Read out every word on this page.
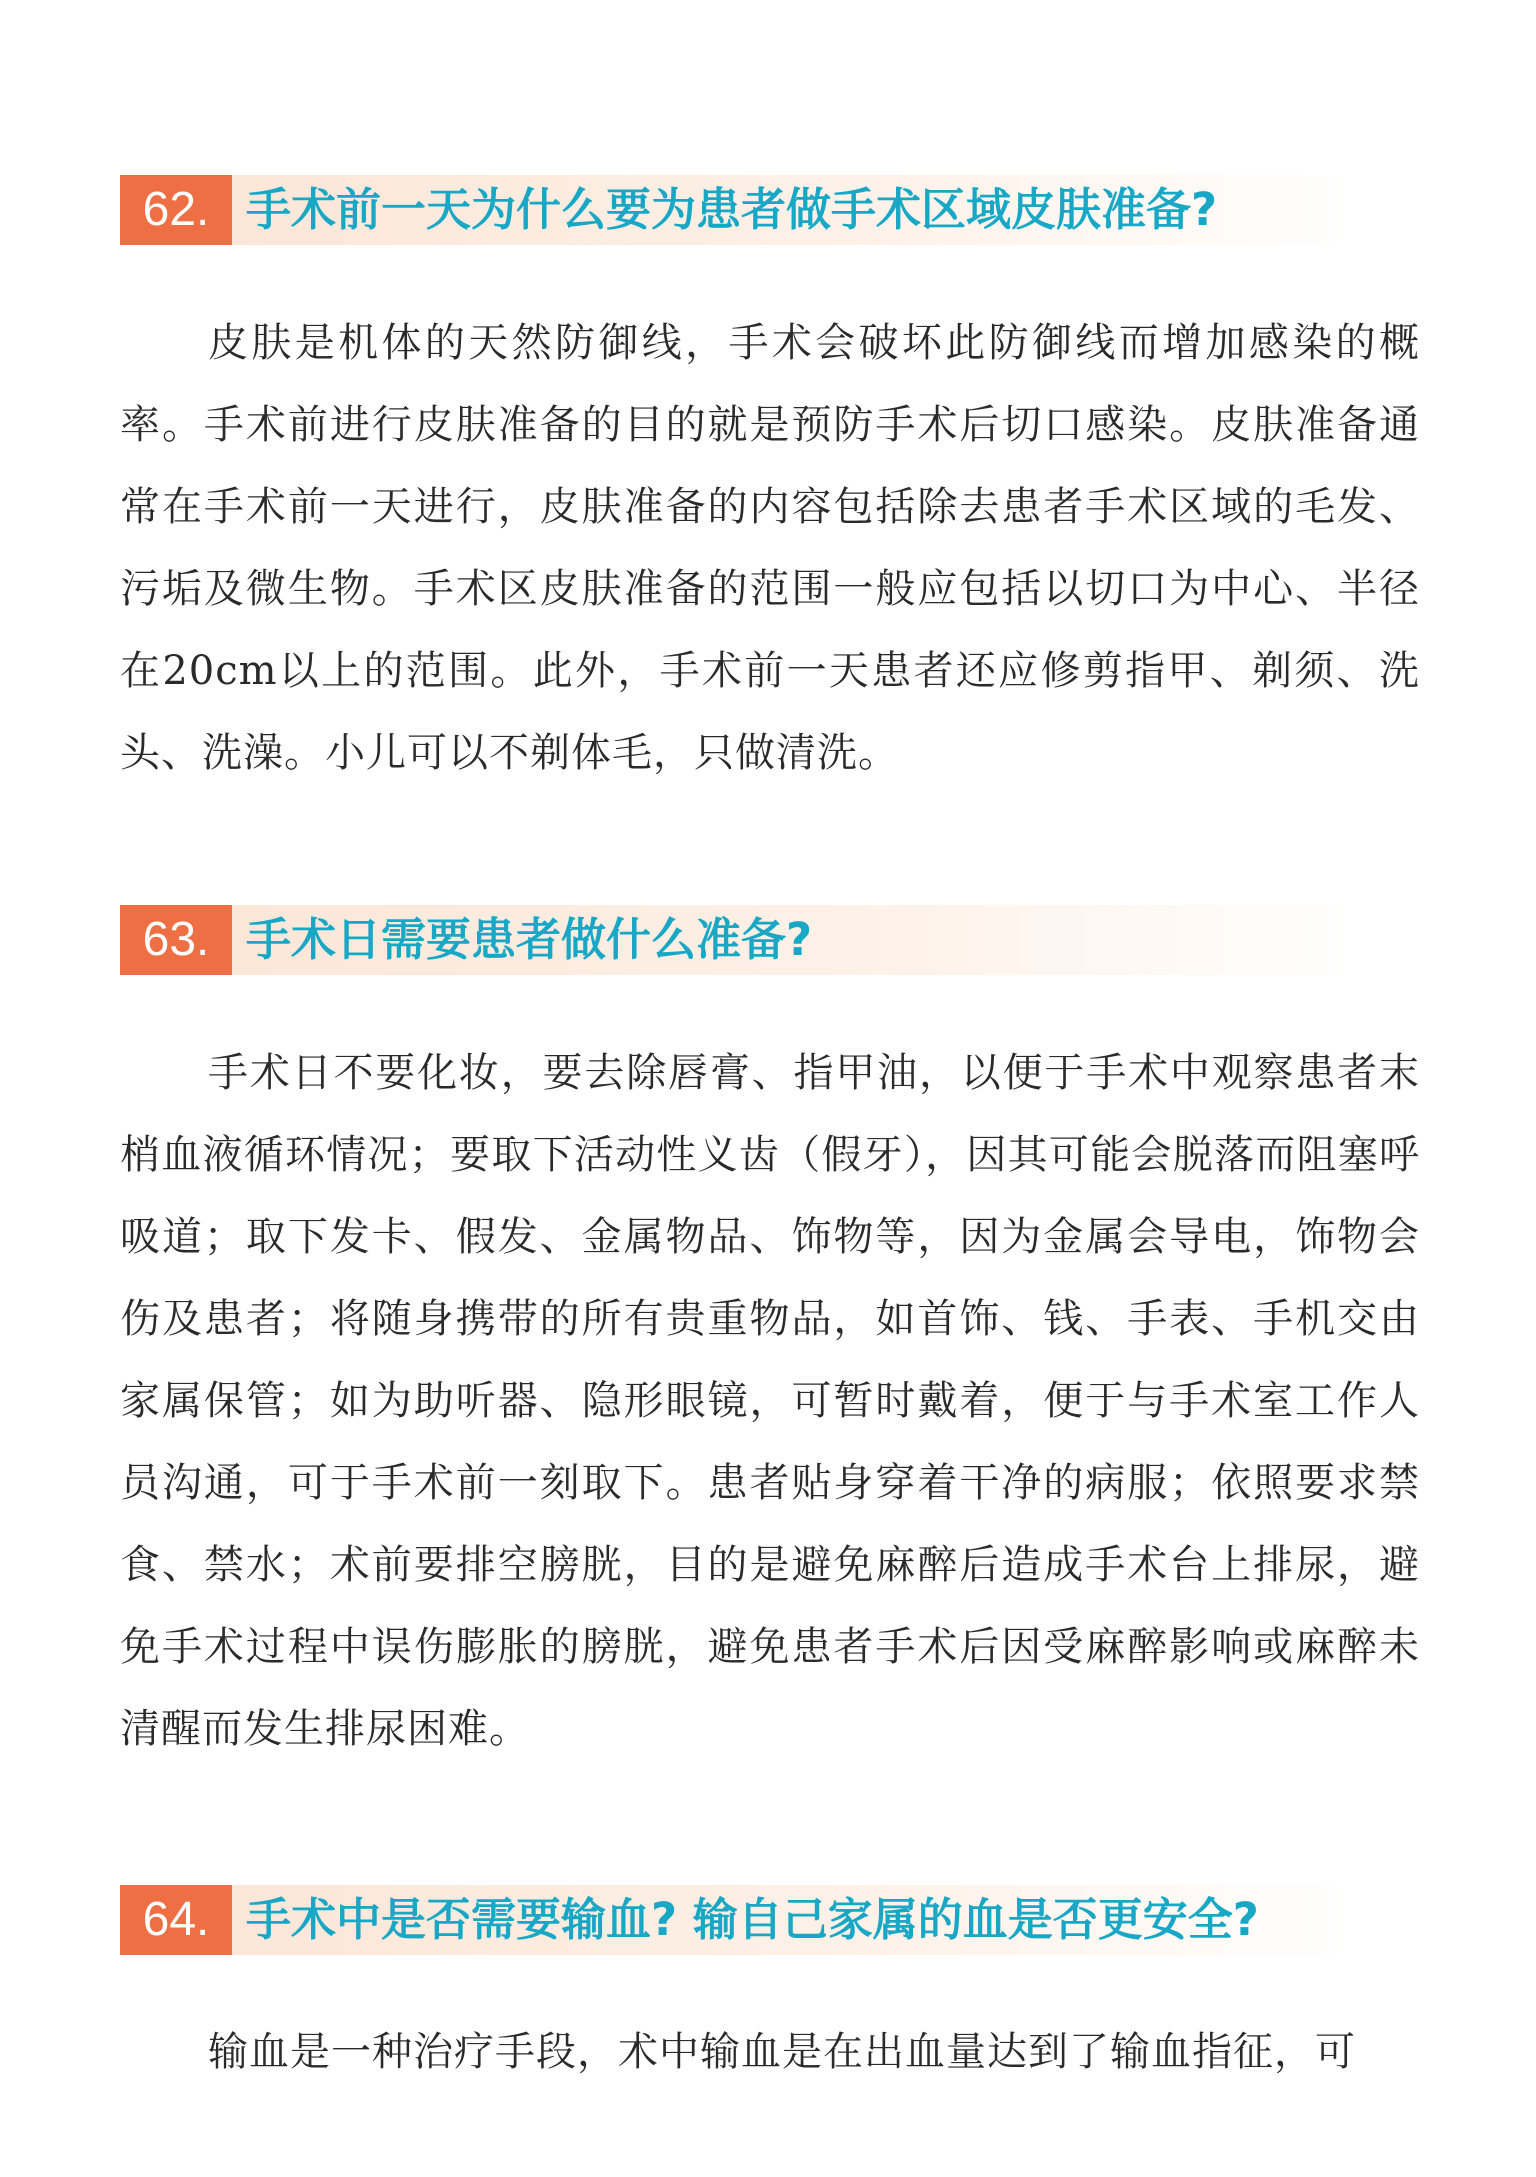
62. 手术前一天为什么要为患者做手术区域皮肤准备?
皮肤是机体的天然防御线，手术会破坏此防御线而增加感染的概率。手术前进行皮肤准备的目的就是预防手术后切口感染。皮肤准备通常在手术前一天进行，皮肤准备的内容包括除去患者手术区域的毛发、污垢及微生物。手术区皮肤准备的范围一般应包括以切口为中心、半径在20cm以上的范围。此外，手术前一天患者还应修剪指甲、剃须、洗头、洗澡。小儿可以不剃体毛，只做清洗。
63. 手术日需要患者做什么准备?
手术日不要化妆，要去除唇膏、指甲油，以便于手术中观察患者末梢血液循环情况；要取下活动性义齿（假牙），因其可能会脱落而阻塞呼吸道；取下发卡、假发、金属物品、饰物等，因为金属会导电，饰物会伤及患者；将随身携带的所有贵重物品，如首饰、钱、手表、手机交由家属保管；如为助听器、隐形眼镜，可暂时戴着，便于与手术室工作人员沟通，可于手术前一刻取下。患者贴身穿着干净的病服；依照要求禁食、禁水；术前要排空膀胱，目的是避免麻醉后造成手术台上排尿，避免手术过程中误伤膨胀的膀胱，避免患者手术后因受麻醉影响或麻醉未清醒而发生排尿困难。
64. 手术中是否需要输血? 输自己家属的血是否更安全?
输血是一种治疗手段，术中输血是在出血量达到了输血指征，可
